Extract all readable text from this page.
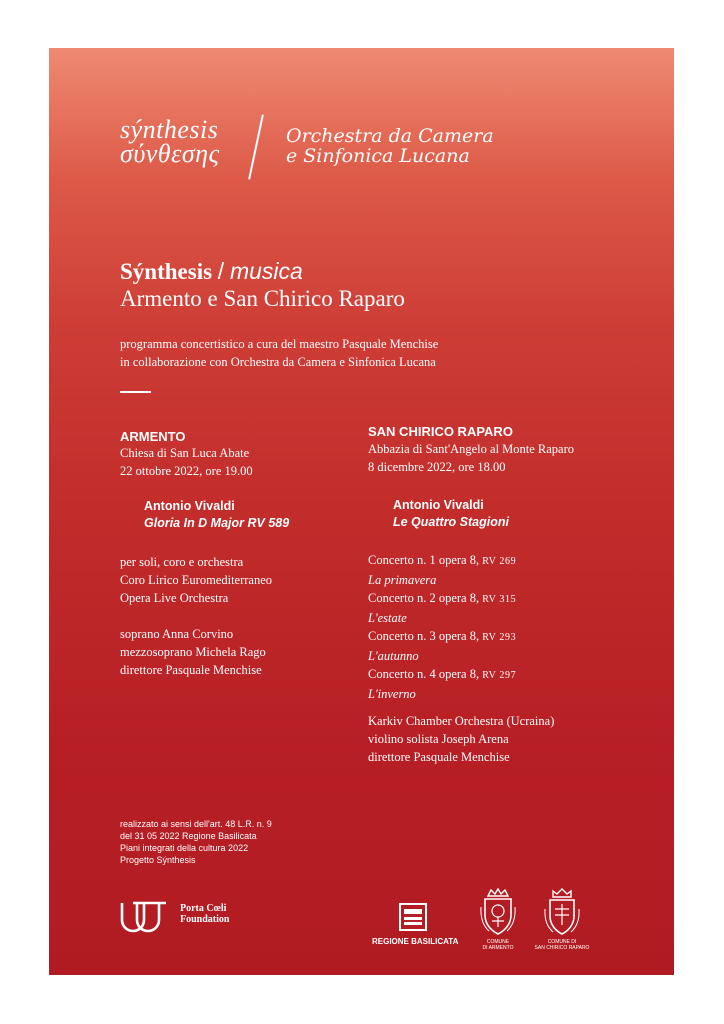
sýnthesis
σύνθεσης
Orchestra da Camera
e Sinfonica Lucana
Sýnthesis / musica
Armento e San Chirico Raparo
programma concertistico a cura del maestro Pasquale Menchise
in collaborazione con Orchestra da Camera e Sinfonica Lucana
ARMENTO
Chiesa di San Luca Abate
22 ottobre 2022, ore 19.00
Antonio Vivaldi
Gloria In D Major RV 589
per soli, coro e orchestra
Coro Lirico Euromediterraneo
Opera Live Orchestra
soprano Anna Corvino
mezzosoprano Michela Rago
direttore Pasquale Menchise
SAN CHIRICO RAPARO
Abbazia di Sant'Angelo al Monte Raparo
8 dicembre 2022, ore 18.00
Antonio Vivaldi
Le Quattro Stagioni
Concerto n. 1 opera 8, RV 269
La primavera
Concerto n. 2 opera 8, RV 315
L'estate
Concerto n. 3 opera 8, RV 293
L'autunno
Concerto n. 4 opera 8, RV 297
L'inverno
Karkiv Chamber Orchestra (Ucraina)
violino solista Joseph Arena
direttore Pasquale Menchise
realizzato ai sensi dell'art. 48 L.R. n. 9
del 31 05 2022 Regione Basilicata
Piani integrati della cultura 2022
Progetto Sýnthesis
Porta Cœli
Foundation
REGIONE BASILICATA	COMUNE
DI ARMENTO
COMUNE DI
SAN CHIRICO RAPARO
